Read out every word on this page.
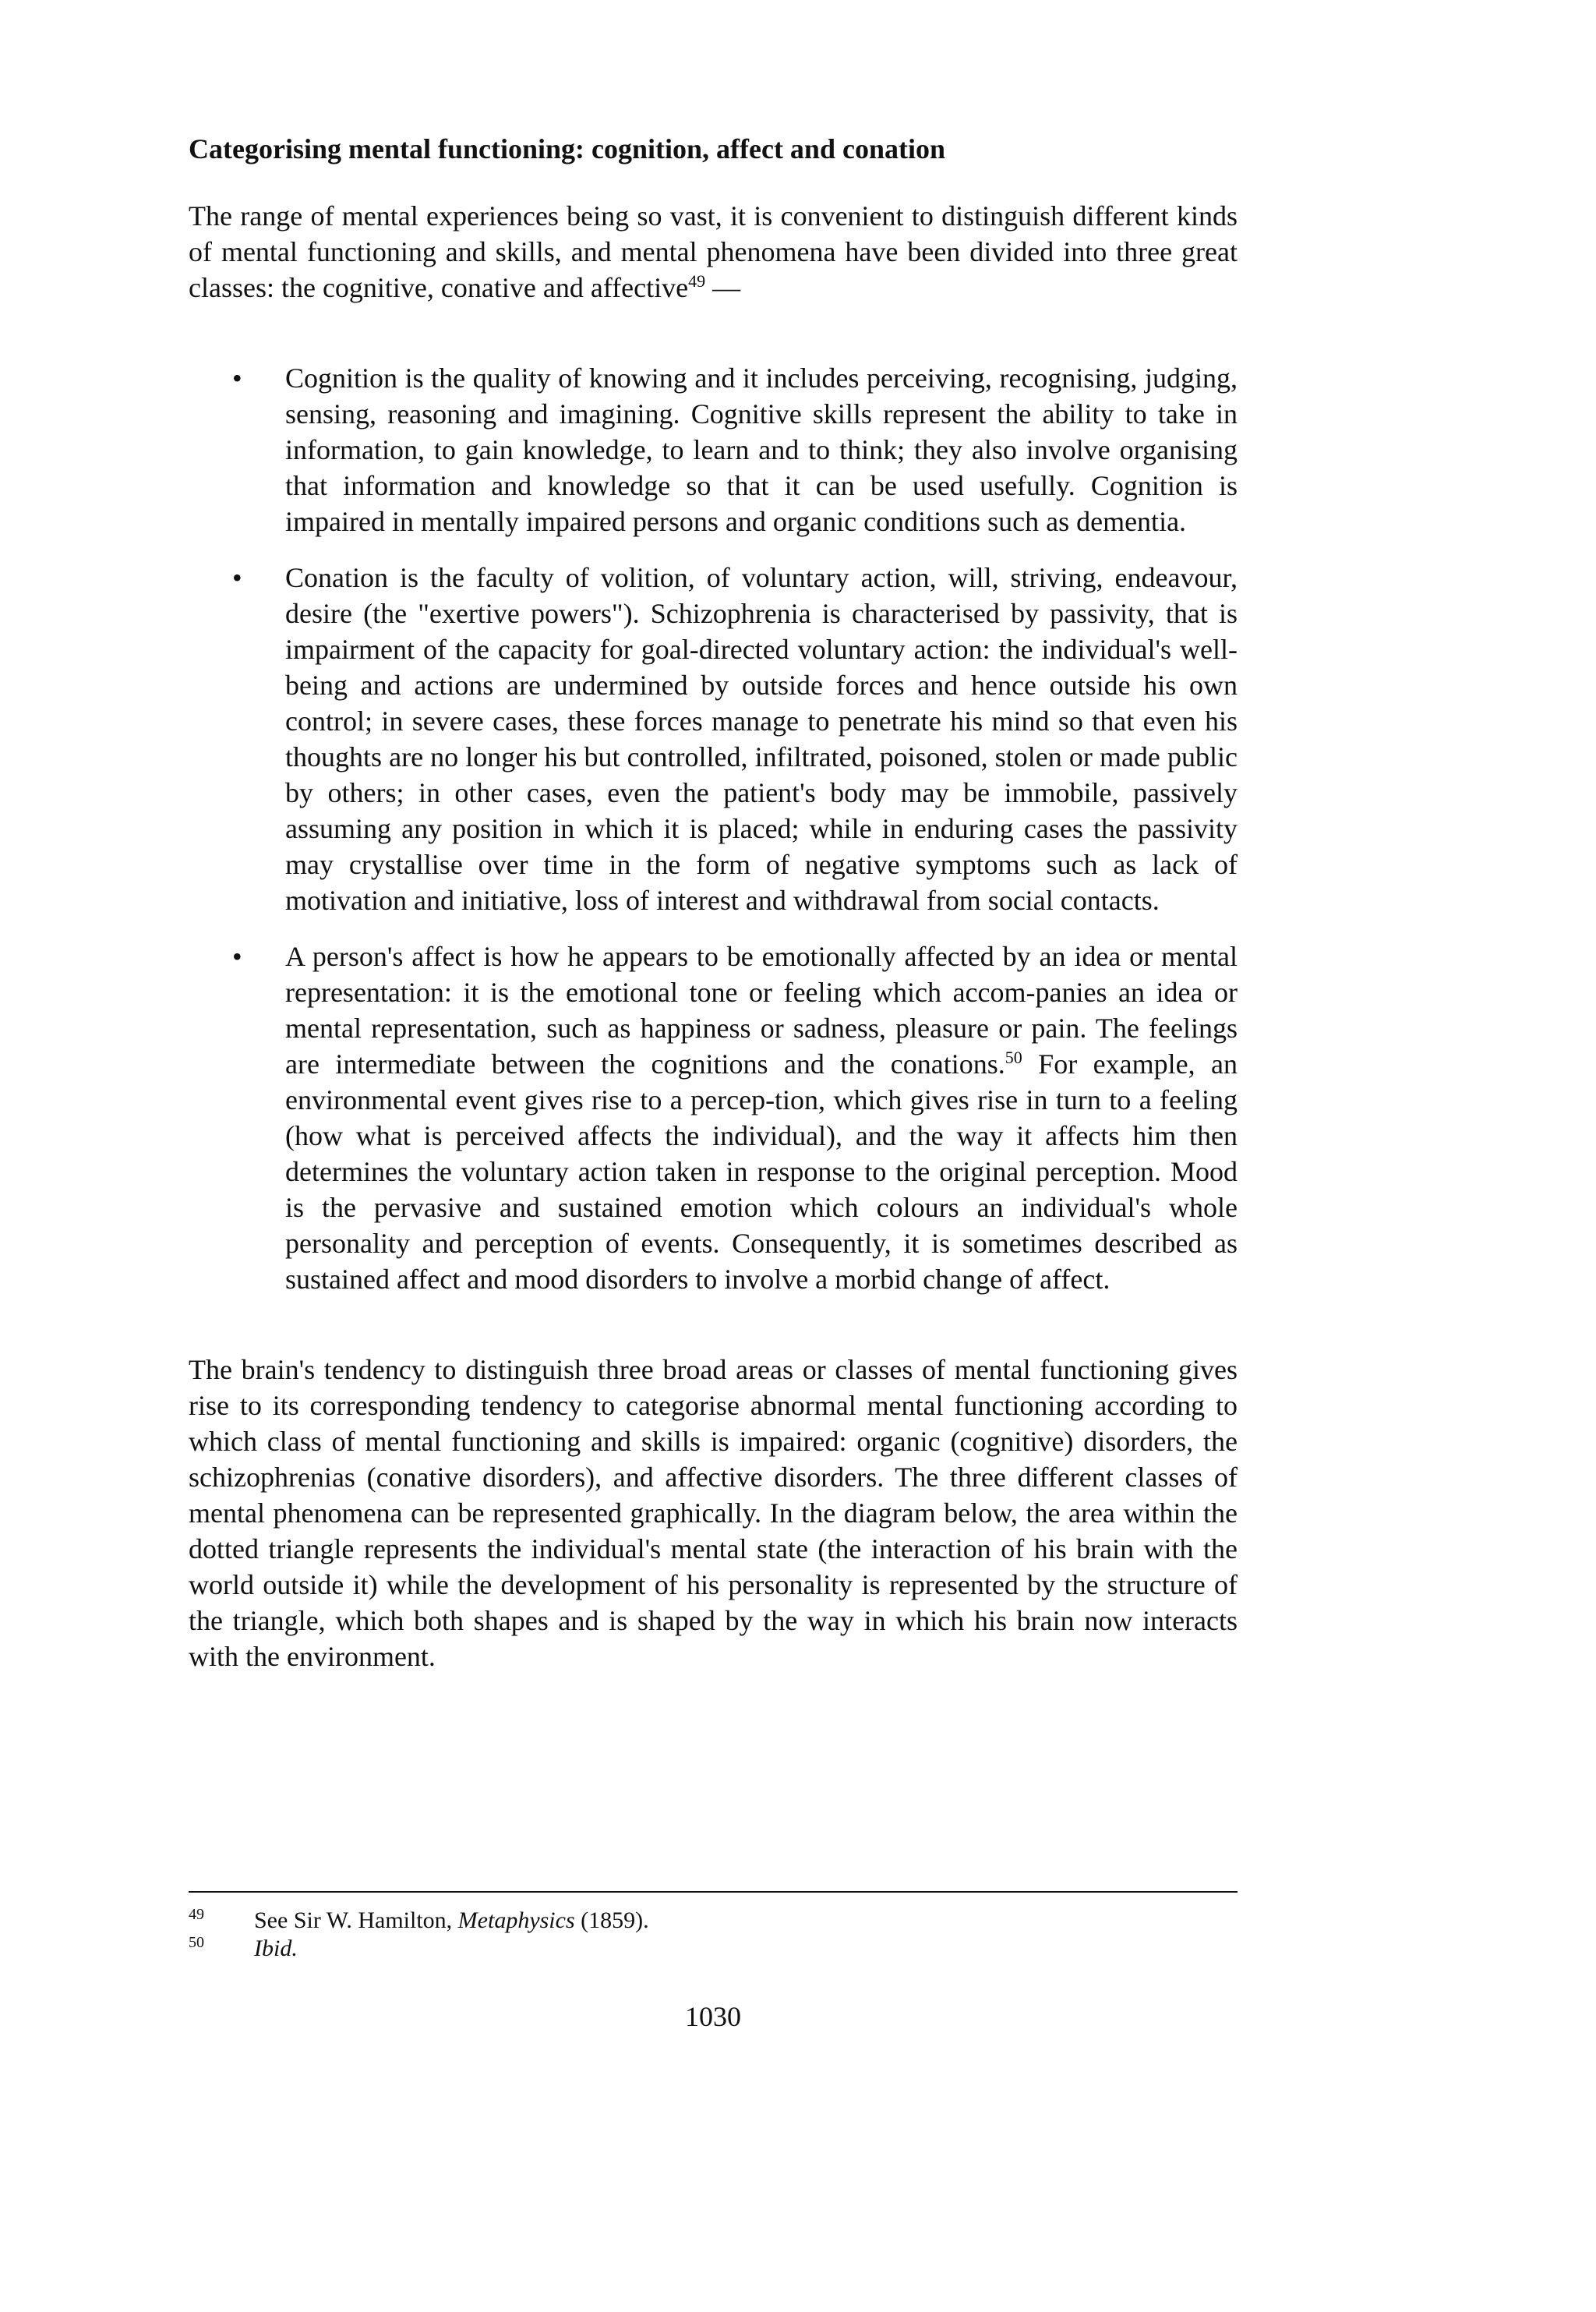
Categorising mental functioning: cognition, affect and conation

The range of mental experiences being so vast, it is convenient to distinguish different kinds of mental functioning and skills, and mental phenomena have been divided into three great classes: the cognitive, conative and affective$^{49}$ —

• Cognition is the quality of knowing and it includes perceiving, recognising, judging, sensing, reasoning and imagining. Cognitive skills represent the ability to take in information, to gain knowledge, to learn and to think; they also involve organising that information and knowledge so that it can be used usefully. Cognition is impaired in mentally impaired persons and organic conditions such as dementia.

• Conation is the faculty of volition, of voluntary action, will, striving, endeavour, desire (the "exertive powers"). Schizophrenia is characterised by passivity, that is impairment of the capacity for goal-directed voluntary action: the individual's well-being and actions are undermined by outside forces and hence outside his own control; in severe cases, these forces manage to penetrate his mind so that even his thoughts are no longer his but controlled, infiltrated, poisoned, stolen or made public by others; in other cases, even the patient's body may be immobile, passively assuming any position in which it is placed; while in enduring cases the passivity may crystallise over time in the form of negative symptoms such as lack of motivation and initiative, loss of interest and withdrawal from social contacts.

• A person's affect is how he appears to be emotionally affected by an idea or mental representation: it is the emotional tone or feeling which accom-panies an idea or mental representation, such as happiness or sadness, pleasure or pain. The feelings are intermediate between the cognitions and the conations.$^{50}$ For example, an environmental event gives rise to a percep-tion, which gives rise in turn to a feeling (how what is perceived affects the individual), and the way it affects him then determines the voluntary action taken in response to the original perception. Mood is the pervasive and sustained emotion which colours an individual's whole personality and perception of events. Consequently, it is sometimes described as sustained affect and mood disorders to involve a morbid change of affect.

The brain's tendency to distinguish three broad areas or classes of mental functioning gives rise to its corresponding tendency to categorise abnormal mental functioning according to which class of mental functioning and skills is impaired: organic (cognitive) disorders, the schizophrenias (conative disorders), and affective disorders. The three different classes of mental phenomena can be represented graphically. In the diagram below, the area within the dotted triangle represents the individual's mental state (the interaction of his brain with the world outside it) while the development of his personality is represented by the structure of the triangle, which both shapes and is shaped by the way in which his brain now interacts with the environment.

49 See Sir W. Hamilton, Metaphysics (1859).
50 Ibid.
1030
